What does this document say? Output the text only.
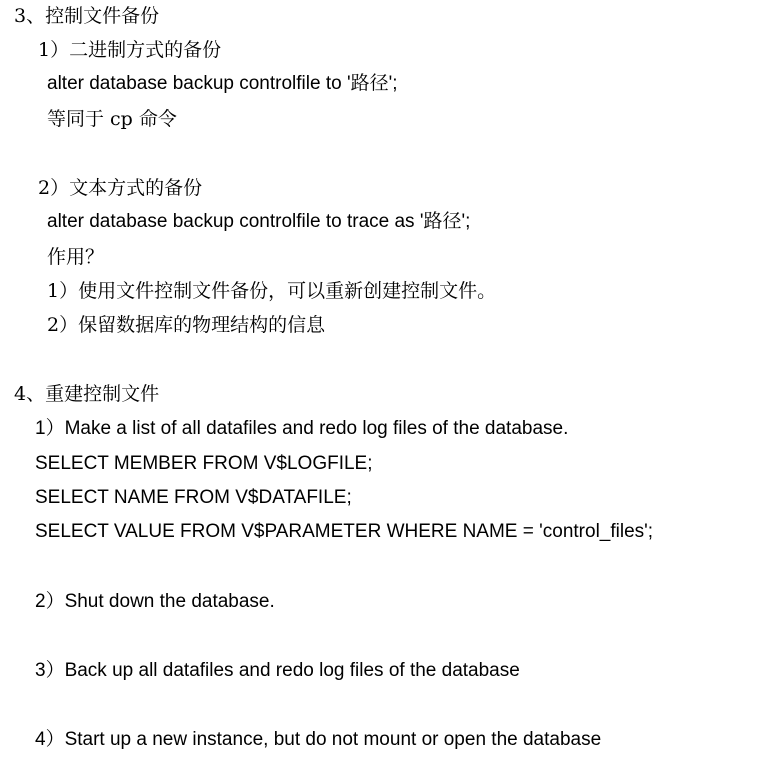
3、控制文件备份
1）二进制方式的备份
alter database backup controlfile to '路径';
等同于 cp 命令
2）文本方式的备份
alter database backup controlfile to trace as '路径';
作用？
1）使用文件控制文件备份，可以重新创建控制文件。
2）保留数据库的物理结构的信息
4、重建控制文件
1）Make a list of all datafiles and redo log files of the database.
SELECT MEMBER FROM V$LOGFILE;
SELECT NAME FROM V$DATAFILE;
SELECT VALUE FROM V$PARAMETER WHERE NAME = 'control_files';
2）Shut down the database.
3）Back up all datafiles and redo log files of the database
4）Start up a new instance, but do not mount or open the database
